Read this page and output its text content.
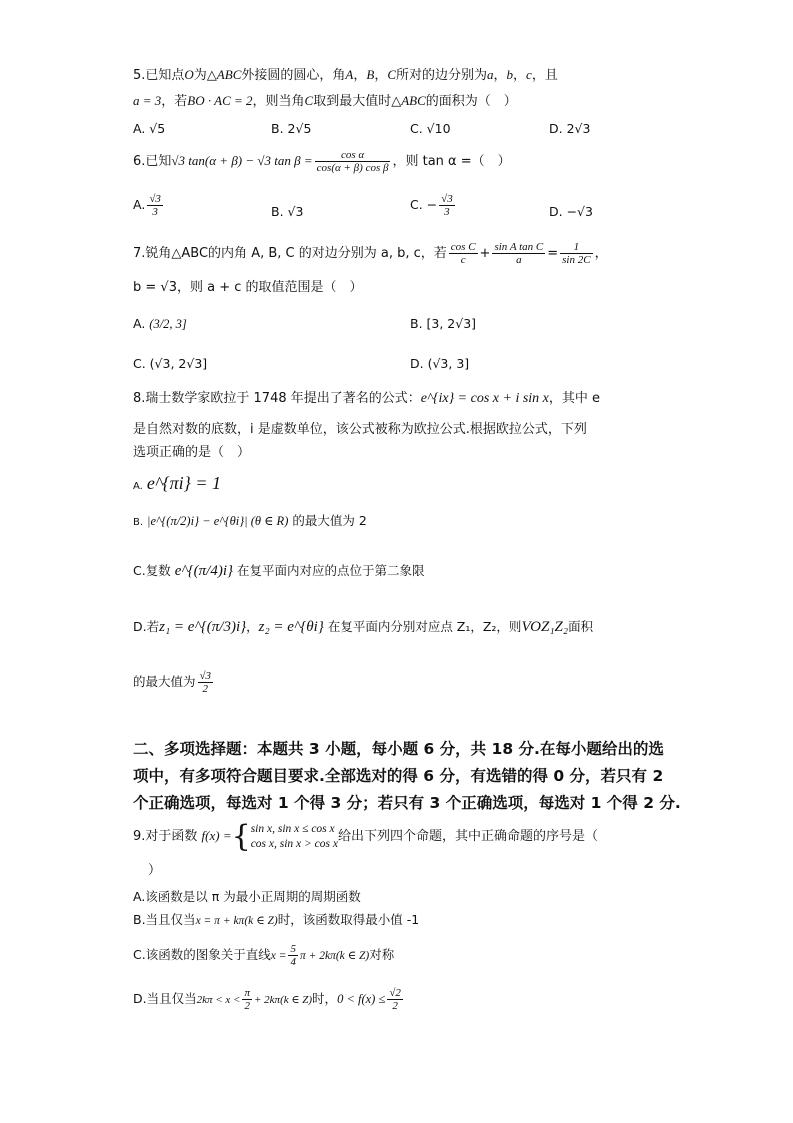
5.已知点O为△ABC外接圆的圆心，角A，B，C所对的边分别为a，b，c，且
a = 3，若BO · AC = 2，则当角C取到最大值时△ABC的面积为（　）
A. √5	B. 2√5	C. √10	D. 2√3
6.已知√3 tan(α + β) − √3 $\tan \beta = \frac{\text{cos α}}{\text{cos(α + β) cos β}}$ ，则 tan α =（　）
A. $\frac{√3}{3}$	B. √3	C. − $\frac{√3}{3}$	D. −√3
7.锐角△ABC的内角 A, B, C 的对边分别为 a, b, c，若 $\frac{\text{cos C}}{c} + \frac{\text{sin A tan C}}{a} = \frac{1}{\sin 2C}$ ，
b = √3，则 a + c 的取值范围是（　）
A. (3/2, 3]	B. [3, 2√3]
C. (√3, 2√3]	D. (√3, 3]
8.瑞士数学家欧拉于 1748 年提出了著名的公式：e^{ix} = cos x + i sin x，其中 e
是自然对数的底数，i 是虚数单位，该公式被称为欧拉公式.根据欧拉公式，下列
选项正确的是（　）
A. e^{πi} = 1
B. |e^{(π/2)i} − e^{θi}| (θ ∈ R) 的最大值为 2
C.复数 e^{(π/4)i} 在复平面内对应的点位于第二象限
D.若z₁ = e^{(π/3)i}，z₂ = e^{θi} 在复平面内分别对应点 Z₁，Z₂，则VOZ₁Z₂面积
的最大值为 $\frac{√3}{2}$
二、多项选择题：本题共 3 小题，每小题 6 分，共 18 分.在每小题给出的选
项中，有多项符合题目要求.全部选对的得 6 分，有选错的得 0 分，若只有 2
个正确选项，每选对 1 个得 3 分；若只有 3 个正确选项，每选对 1 个得 2 分.
9.对于函数 f(x) ={ sin x, sin x ≤ cos x
cos x, sin x > cos x 给出下列四个命题，其中正确命题的序号是（
）
A.该函数是以 π 为最小正周期的周期函数
B.当且仅当x = π + kπ(k ∈ Z)时，该函数取得最小值 -1
C.该函数的图象关于直线$x = \frac{5}{4}$ π + 2kπ(k ∈ Z)对称
D.当且仅当$2k\pi < x < \frac{\pi}{2} + 2k\pi(k$ ∈ Z)时，$0 < f(x) \le \frac{√2}{2}$
